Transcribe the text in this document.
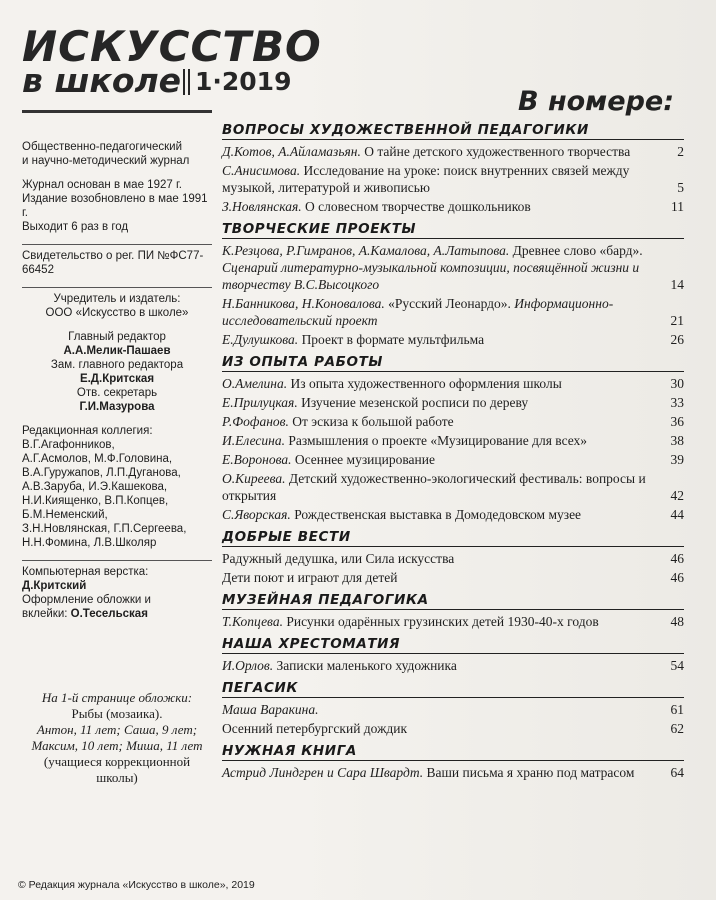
ИСКУССТВО
в школе 1·2019
В номере:
Общественно-педагогический
и научно-методический журнал
Журнал основан в мае 1927 г.
Издание возобновлено в мае 1991 г.
Выходит 6 раз в год
Свидетельство о рег. ПИ №ФС77-66452
Учредитель и издатель:
ООО «Искусство в школе»
Главный редактор
А.А.Мелик-Пашаев
Зам. главного редактора
Е.Д.Критская
Отв. секретарь
Г.И.Мазурова
Редакционная коллегия:
В.Г.Агафонников,
А.Г.Асмолов, М.Ф.Головина,
В.А.Гуружапов, Л.П.Дуганова,
А.В.Заруба, И.Э.Кашекова,
Н.И.Киященко, В.П.Копцев,
Б.М.Неменский,
З.Н.Новлянская, Г.П.Сергеева,
Н.Н.Фомина, Л.В.Школяр
Компьютерная верстка:
Д.Критский
Оформление обложки и
вклейки: О.Тесельская
На 1-й странице обложки:
Рыбы (мозаика).
Антон, 11 лет; Саша, 9 лет;
Максим, 10 лет; Миша, 11 лет
(учащиеся коррекционной
школы)
© Редакция журнала «Искусство в школе», 2019
ВОПРОСЫ ХУДОЖЕСТВЕННОЙ ПЕДАГОГИКИ
Д.Котов, А.Айламазьян. О тайне детского художественного творчества	2
С.Анисимова. Исследование на уроке: поиск внутренних связей между музыкой, литературой и живописью	5
З.Новлянская. О словесном творчестве дошкольников	11
ТВОРЧЕСКИЕ ПРОЕКТЫ
К.Резцова, Р.Гимранов, А.Камалова, А.Латыпова. Древнее слово «бард». Сценарий литературно-музыкальной композиции, посвящённой жизни и творчеству В.С.Высоцкого	14
Н.Банникова, Н.Коновалова. «Русский Леонардо». Информационно-исследовательский проект	21
Е.Дулушкова. Проект в формате мультфильма	26
ИЗ ОПЫТА РАБОТЫ
О.Амелина. Из опыта художественного оформления школы	30
Е.Прилуцкая. Изучение мезенской росписи по дереву	33
Р.Фофанов. От эскиза к большой работе	36
И.Елесина. Размышления о проекте «Музицирование для всех»	38
Е.Воронова. Осеннее музицирование	39
О.Киреева. Детский художественно-экологический фестиваль: вопросы и открытия	42
С.Яворская. Рождественская выставка в Домодедовском музее	44
ДОБРЫЕ ВЕСТИ
Радужный дедушка, или Сила искусства	46
Дети поют и играют для детей	46
МУЗЕЙНАЯ ПЕДАГОГИКА
Т.Копцева. Рисунки одарённых грузинских детей 1930-40-х годов	48
НАША ХРЕСТОМАТИЯ
И.Орлов. Записки маленького художника	54
ПЕГАСИК
Маша Варакина.	61
Осенний петербургский дождик	62
НУЖНАЯ КНИГА
Астрид Линдгрен и Сара Швардт. Ваши письма я храню под матрасом	64
